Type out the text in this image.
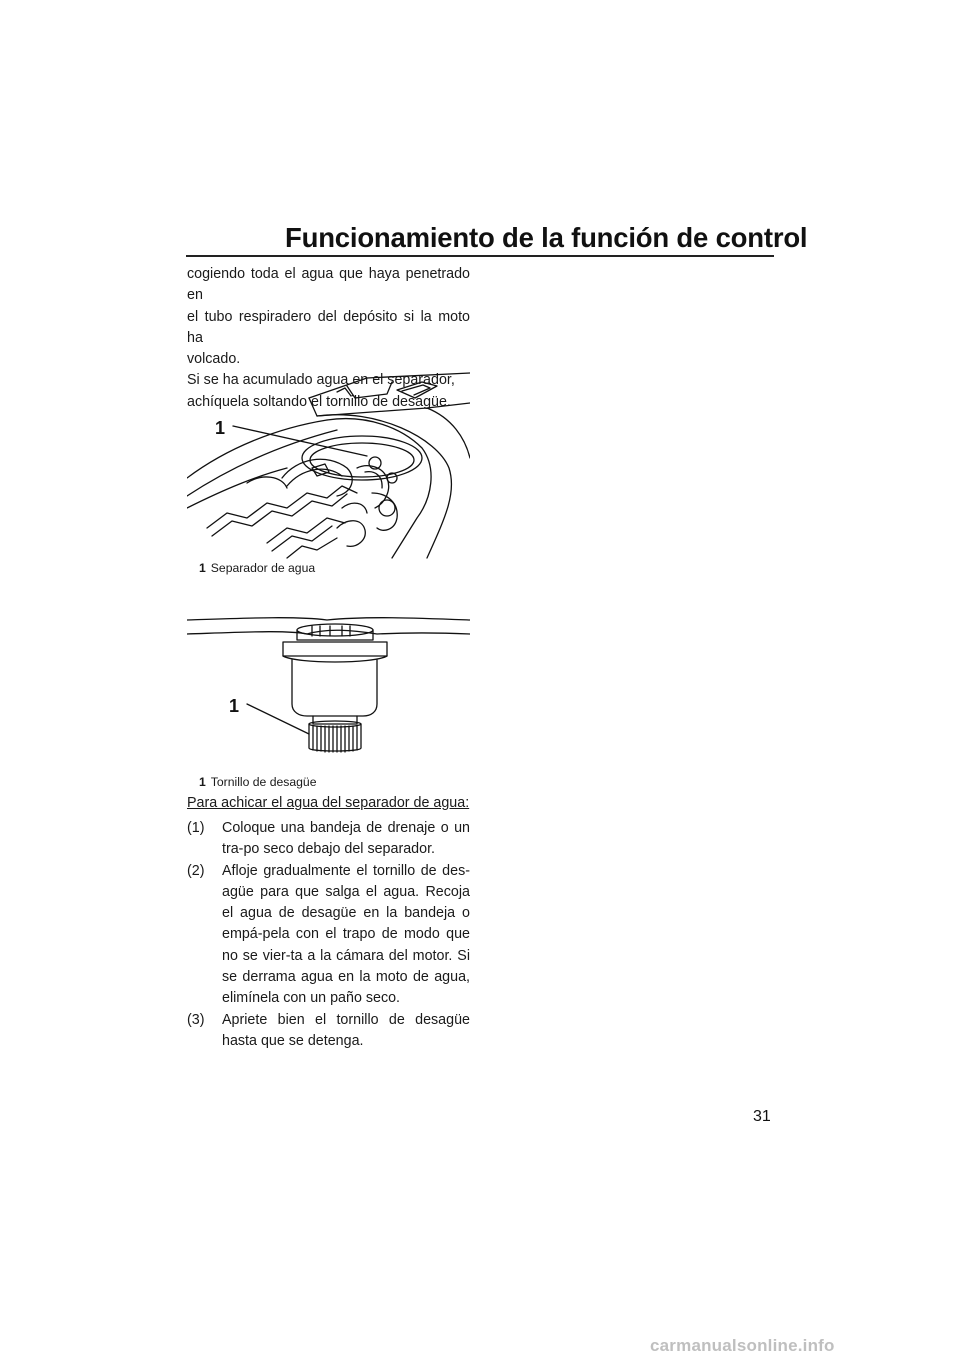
Funcionamiento de la función de control

cogiendo toda el agua que haya penetrado en

el tubo respiradero del depósito si la moto ha

volcado.

Si se ha acumulado agua en el separador,

achíquela soltando el tornillo de desagüe.

1
1 Separador de agua
1
1 Tornillo de desagüe
Para achicar el agua del separador de agua:
(1) Coloque una bandeja de drenaje o un tra-po seco debajo del separador.
(2) Afloje gradualmente el tornillo de des-agüe para que salga el agua. Recoja el agua de desagüe en la bandeja o empá-pela con el trapo de modo que no se vier-ta a la cámara del motor. Si se derrama agua en la moto de agua, elimínela con un paño seco.
(3) Apriete bien el tornillo de desagüe hasta que se detenga.
31
carmanualsonline.info
